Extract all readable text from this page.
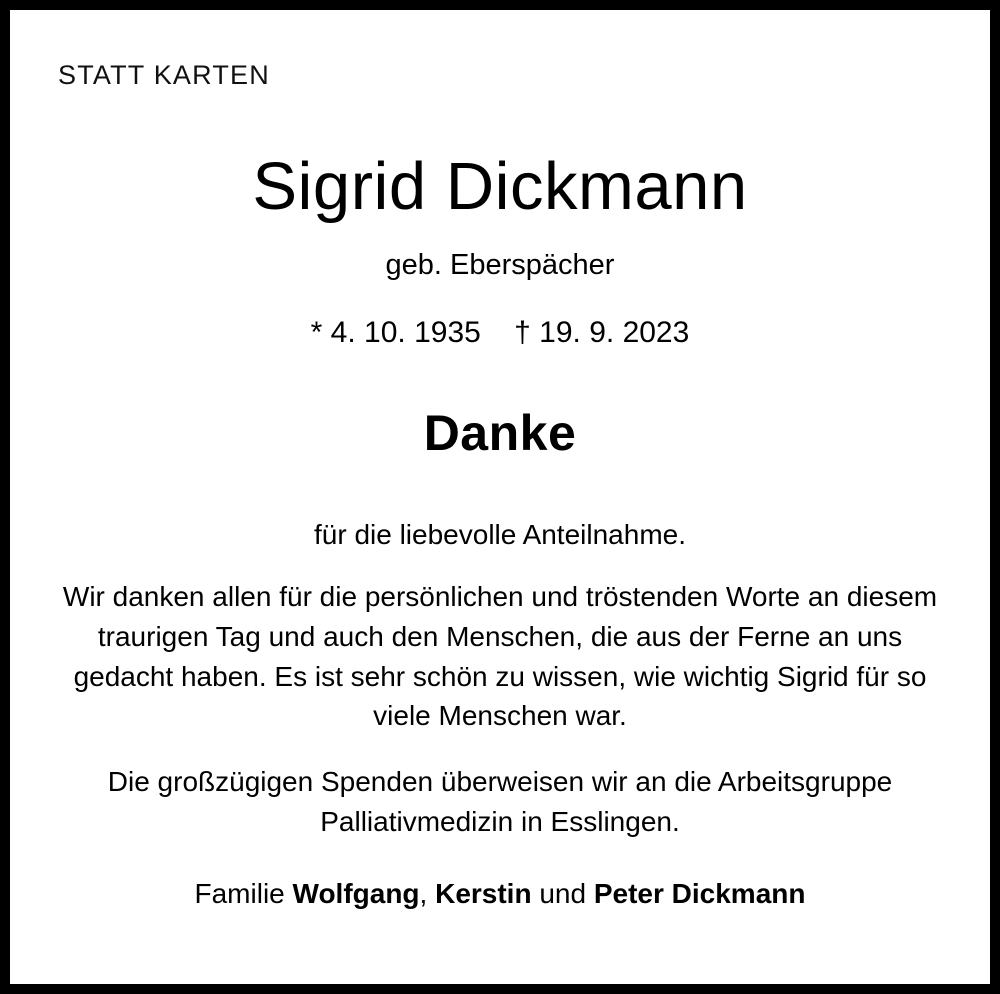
STATT KARTEN
Sigrid Dickmann
geb. Eberspächer
* 4. 10. 1935    † 19. 9. 2023
Danke
für die liebevolle Anteilnahme.
Wir danken allen für die persönlichen und tröstenden Worte an diesem traurigen Tag und auch den Menschen, die aus der Ferne an uns gedacht haben. Es ist sehr schön zu wissen, wie wichtig Sigrid für so viele Menschen war.
Die großzügigen Spenden überweisen wir an die Arbeitsgruppe Palliativmedizin in Esslingen.
Familie Wolfgang, Kerstin und Peter Dickmann
